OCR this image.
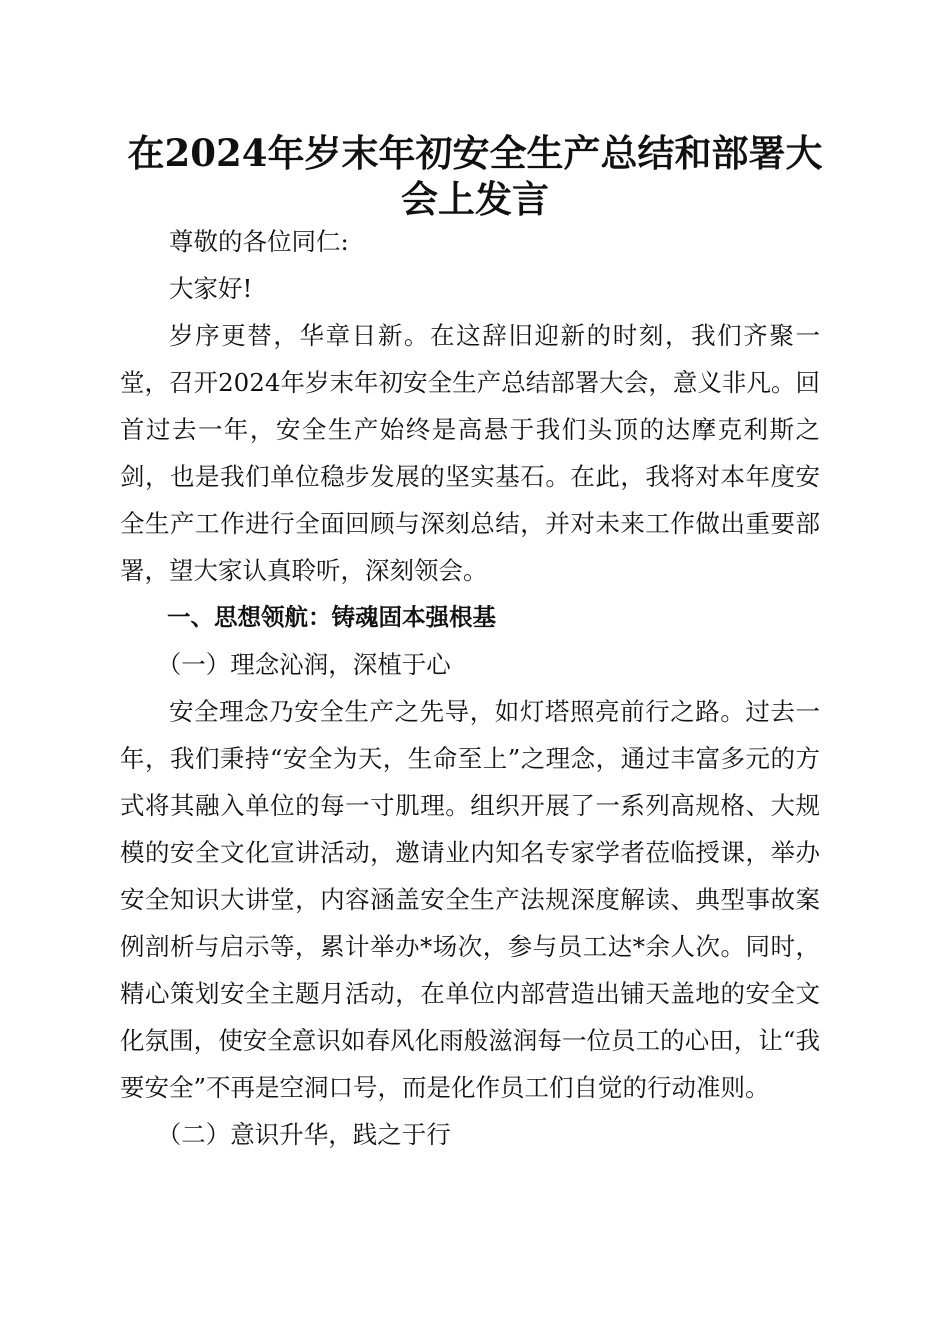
在2024年岁末年初安全生产总结和部署大会上发言

尊敬的各位同仁:

大家好!

岁序更替，华章日新。在这辞旧迎新的时刻，我们齐聚一堂，召开2024年岁末年初安全生产总结部署大会，意义非凡。回首过去一年，安全生产始终是高悬于我们头顶的达摩克利斯之剑，也是我们单位稳步发展的坚实基石。在此，我将对本年度安全生产工作进行全面回顾与深刻总结，并对未来工作做出重要部署，望大家认真聆听，深刻领会。

一、思想领航：铸魂固本强根基

（一）理念沁润，深植于心

安全理念乃安全生产之先导，如灯塔照亮前行之路。过去一年，我们秉持“安全为天，生命至上”之理念，通过丰富多元的方式将其融入单位的每一寸肌理。组织开展了一系列高规格、大规模的安全文化宣讲活动，邀请业内知名专家学者莅临授课，举办安全知识大讲堂，内容涵盖安全生产法规深度解读、典型事故案例剖析与启示等，累计举办*场次，参与员工达*余人次。同时，精心策划安全主题月活动，在单位内部营造出铺天盖地的安全文化氛围，使安全意识如春风化雨般滋润每一位员工的心田，让“我要安全”不再是空洞口号，而是化作员工们自觉的行动准则。

（二）意识升华，践之于行
